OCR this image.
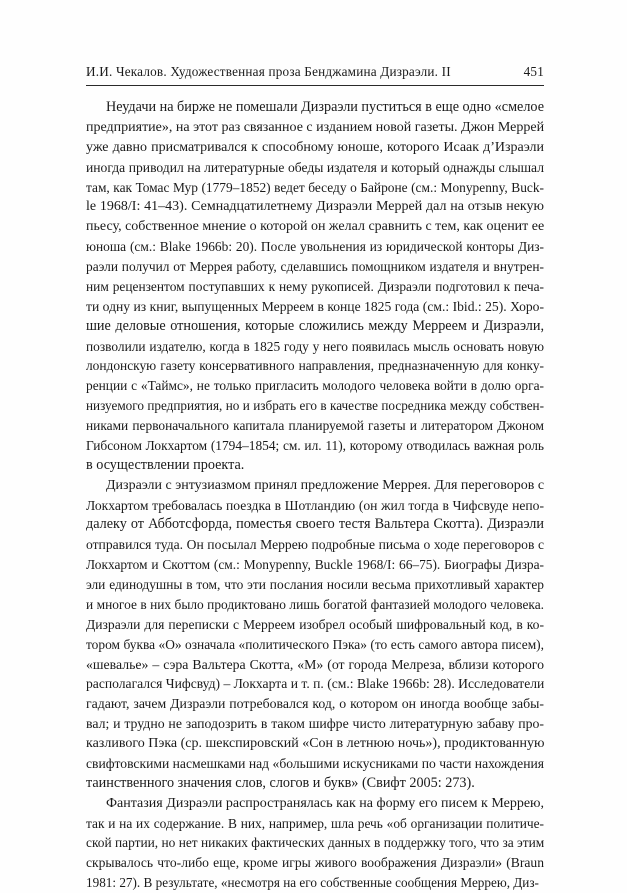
И.И. Чекалов. Художественная проза Бенджамина Дизраэли. II	451
Неудачи на бирже не помешали Дизраэли пуститься в еще одно «смелое
предприятие», на этот раз связанное с изданием новой газеты. Джон Меррей
уже давно присматривался к способному юноше, которого Исаак д’Израэли
иногда приводил на литературные обеды издателя и который однажды слышал
там, как Томас Мур (1779–1852) ведет беседу о Байроне (см.: Monypenny, Buck-
le 1968/I: 41–43). Семнадцатилетнему Дизраэли Меррей дал на отзыв некую
пьесу, собственное мнение о которой он желал сравнить с тем, как оценит ее
юноша (см.: Blake 1966b: 20). После увольнения из юридической конторы Диз-
раэли получил от Меррея работу, сделавшись помощником издателя и внутрен-
ним рецензентом поступавших к нему рукописей. Дизраэли подготовил к печа-
ти одну из книг, выпущенных Мерреем в конце 1825 года (см.: Ibid.: 25). Хоро-
шие деловые отношения, которые сложились между Мерреем и Дизраэли,
позволили издателю, когда в 1825 году у него появилась мысль основать новую
лондонскую газету консервативного направления, предназначенную для конку-
ренции с «Таймс», не только пригласить молодого человека войти в долю орга-
низуемого предприятия, но и избрать его в качестве посредника между собствен-
никами первоначального капитала планируемой газеты и литератором Джоном
Гибсоном Локхартом (1794–1854; см. ил. 11), которому отводилась важная роль
в осуществлении проекта.
Дизраэли с энтузиазмом принял предложение Меррея. Для переговоров с
Локхартом требовалась поездка в Шотландию (он жил тогда в Чифсвуде непо-
далеку от Абботсфорда, поместья своего тестя Вальтера Скотта). Дизраэли
отправился туда. Он посылал Меррею подробные письма о ходе переговоров с
Локхартом и Скоттом (см.: Monypenny, Buckle 1968/I: 66–75). Биографы Дизра-
эли единодушны в том, что эти послания носили весьма прихотливый характер
и многое в них было продиктовано лишь богатой фантазией молодого человека.
Дизраэли для переписки с Мерреем изобрел особый шифровальный код, в ко-
тором буква «О» означала «политического Пэка» (то есть самого автора писем),
«шевалье» – сэра Вальтера Скотта, «М» (от города Мелреза, вблизи которого
располагался Чифсвуд) – Локхарта и т. п. (см.: Blake 1966b: 28). Исследователи
гадают, зачем Дизраэли потребовался код, о котором он иногда вообще забы-
вал; и трудно не заподозрить в таком шифре чисто литературную забаву про-
казливого Пэка (ср. шекспировский «Сон в летнюю ночь»), продиктованную
свифтовскими насмешками над «большими искусниками по части нахождения
таинственного значения слов, слогов и букв» (Свифт 2005: 273).
Фантазия Дизраэли распространялась как на форму его писем к Меррею,
так и на их содержание. В них, например, шла речь «об организации политиче-
ской партии, но нет никаких фактических данных в поддержку того, что за этим
скрывалось что-либо еще, кроме игры живого воображения Дизраэли» (Braun
1981: 27). В результате, «несмотря на его собственные сообщения Меррею, Диз-
